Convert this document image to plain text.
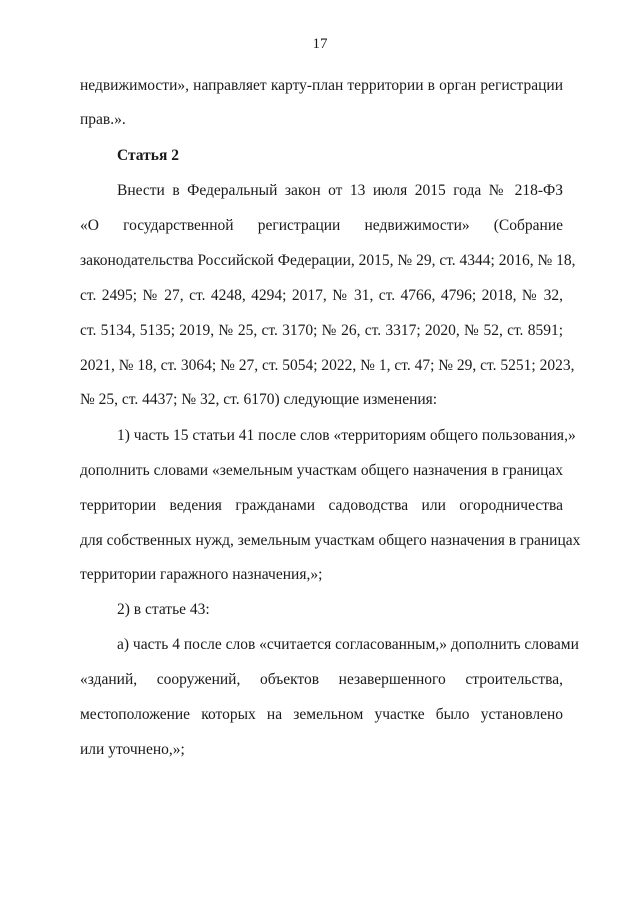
17
недвижимости», направляет карту-план территории в орган регистрации
прав.».
Статья 2
Внести в Федеральный закон от 13 июля 2015 года № 218-ФЗ
«О государственной регистрации недвижимости» (Собрание
законодательства Российской Федерации, 2015, № 29, ст. 4344; 2016, № 18,
ст. 2495; № 27, ст. 4248, 4294; 2017, № 31, ст. 4766, 4796; 2018, № 32,
ст. 5134, 5135; 2019, № 25, ст. 3170; № 26, ст. 3317; 2020, № 52, ст. 8591;
2021, № 18, ст. 3064; № 27, ст. 5054; 2022, № 1, ст. 47; № 29, ст. 5251; 2023,
№ 25, ст. 4437; № 32, ст. 6170) следующие изменения:
1) часть 15 статьи 41 после слов «территориям общего пользования,»
дополнить словами «земельным участкам общего назначения в границах
территории ведения гражданами садоводства или огородничества
для собственных нужд, земельным участкам общего назначения в границах
территории гаражного назначения,»;
2) в статье 43:
а) часть 4 после слов «считается согласованным,» дополнить словами
«зданий, сооружений, объектов незавершенного строительства,
местоположение которых на земельном участке было установлено
или уточнено,»;
